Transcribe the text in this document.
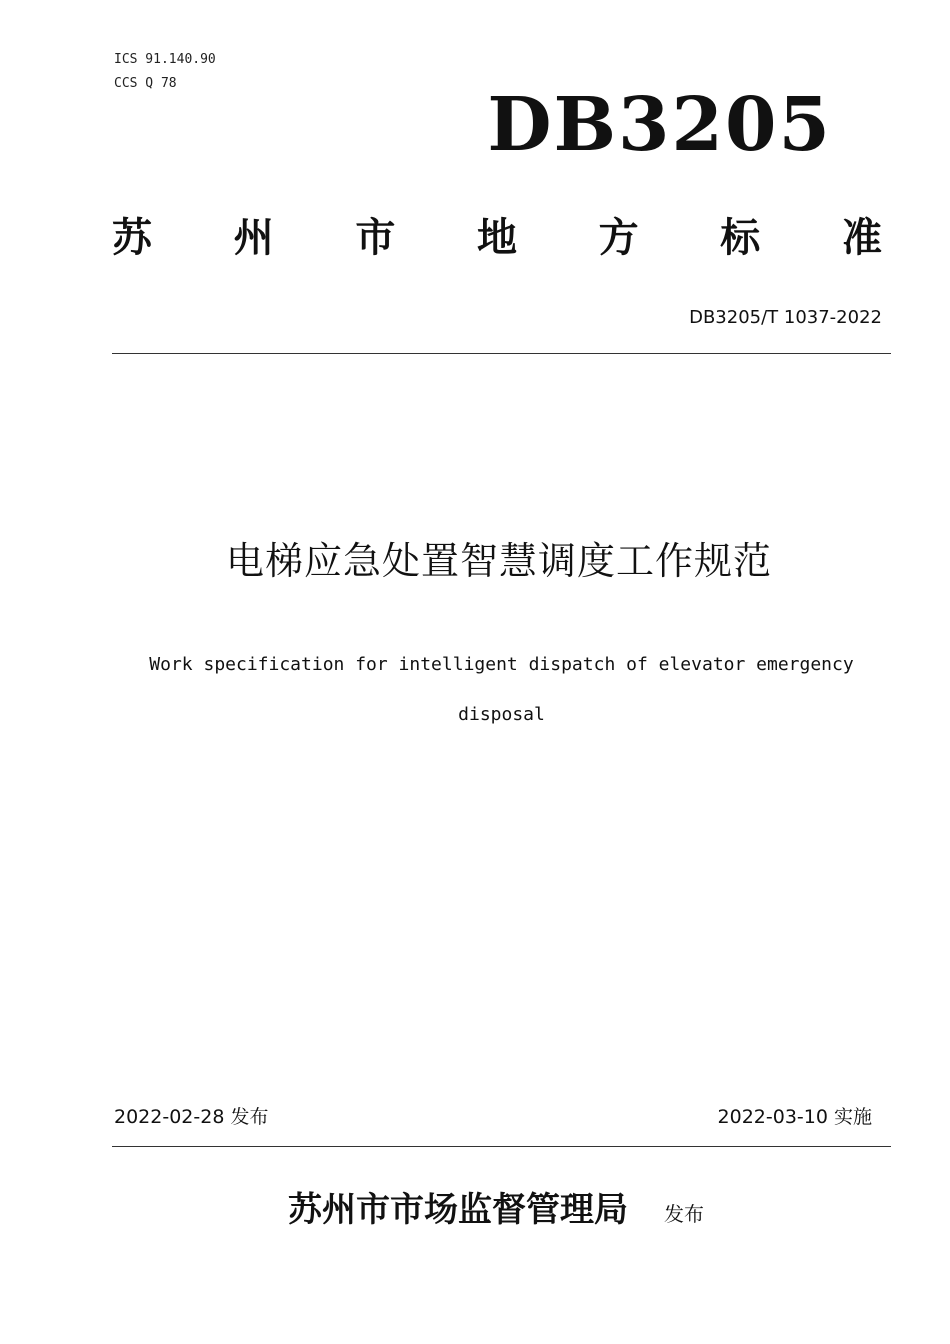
ICS 91.140.90
CCS Q 78	DB3205
苏 州 市 地 方 标 准
DB3205/T 1037-2022
电梯应急处置智慧调度工作规范
Work specification for intelligent dispatch of elevator emergency disposal
2022-02-28 发布	2022-03-10 实施
苏州市市场监督管理局 发布
